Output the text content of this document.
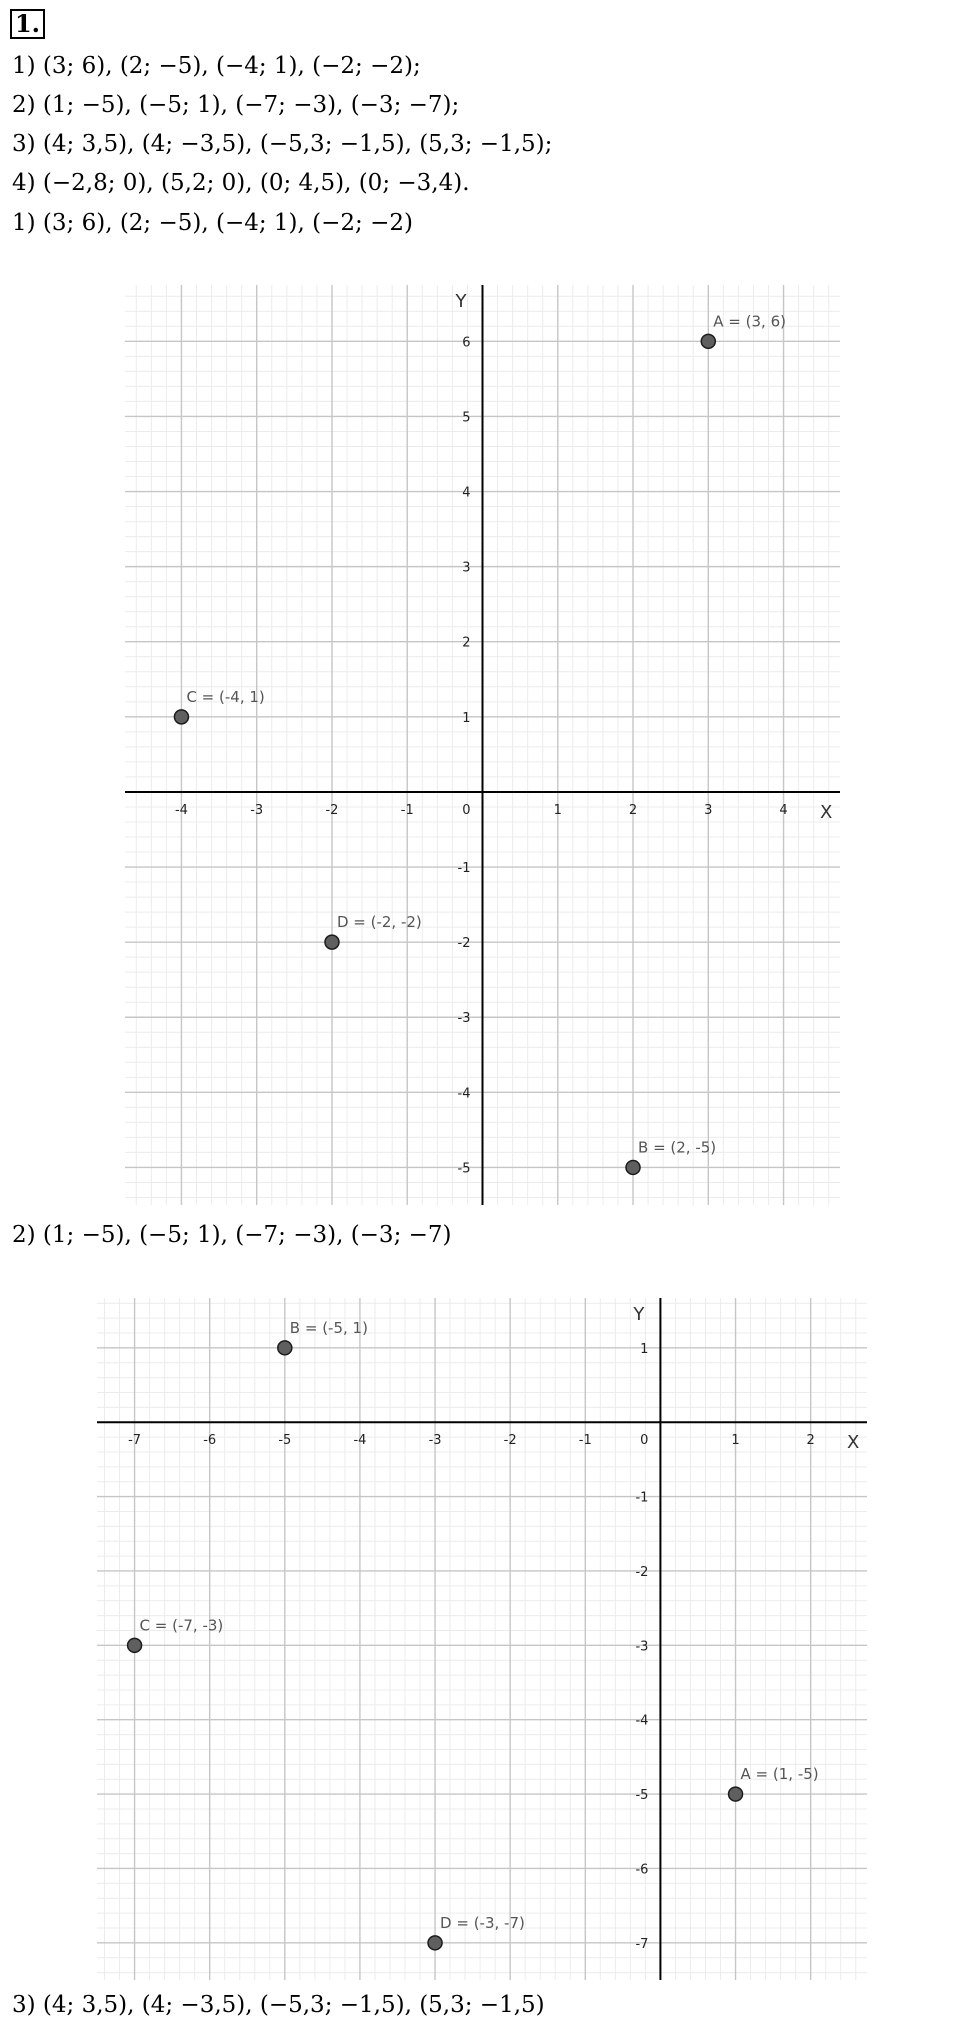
1.
1) (3; 6), (2; −5), (−4; 1), (−2; −2);
2) (1; −5), (−5; 1), (−7; −3), (−3; −7);
3) (4; 3,5), (4; −3,5), (−5,3; −1,5), (5,3; −1,5);
4) (−2,8; 0), (5,2; 0), (0; 4,5), (0; −3,4).
1) (3; 6), (2; −5), (−4; 1), (−2; −2)
-4	-3	-2	-1	1	2	3	4
-5
-4
-3
-2
-1
1
2
3
4
5
6
0	X
Y
A = (3, 6)
B = (2, -5)
C = (-4, 1)
D = (-2, -2)
2) (1; −5), (−5; 1), (−7; −3), (−3; −7)
-7	-6	-5	-4	-3	-2	-1	1	2
-7
-6
-5
-4
-3
-2
-1
1
0	X
Y
A = (1, -5)
B = (-5, 1)
C = (-7, -3)
D = (-3, -7)
3) (4; 3,5), (4; −3,5), (−5,3; −1,5), (5,3; −1,5)
